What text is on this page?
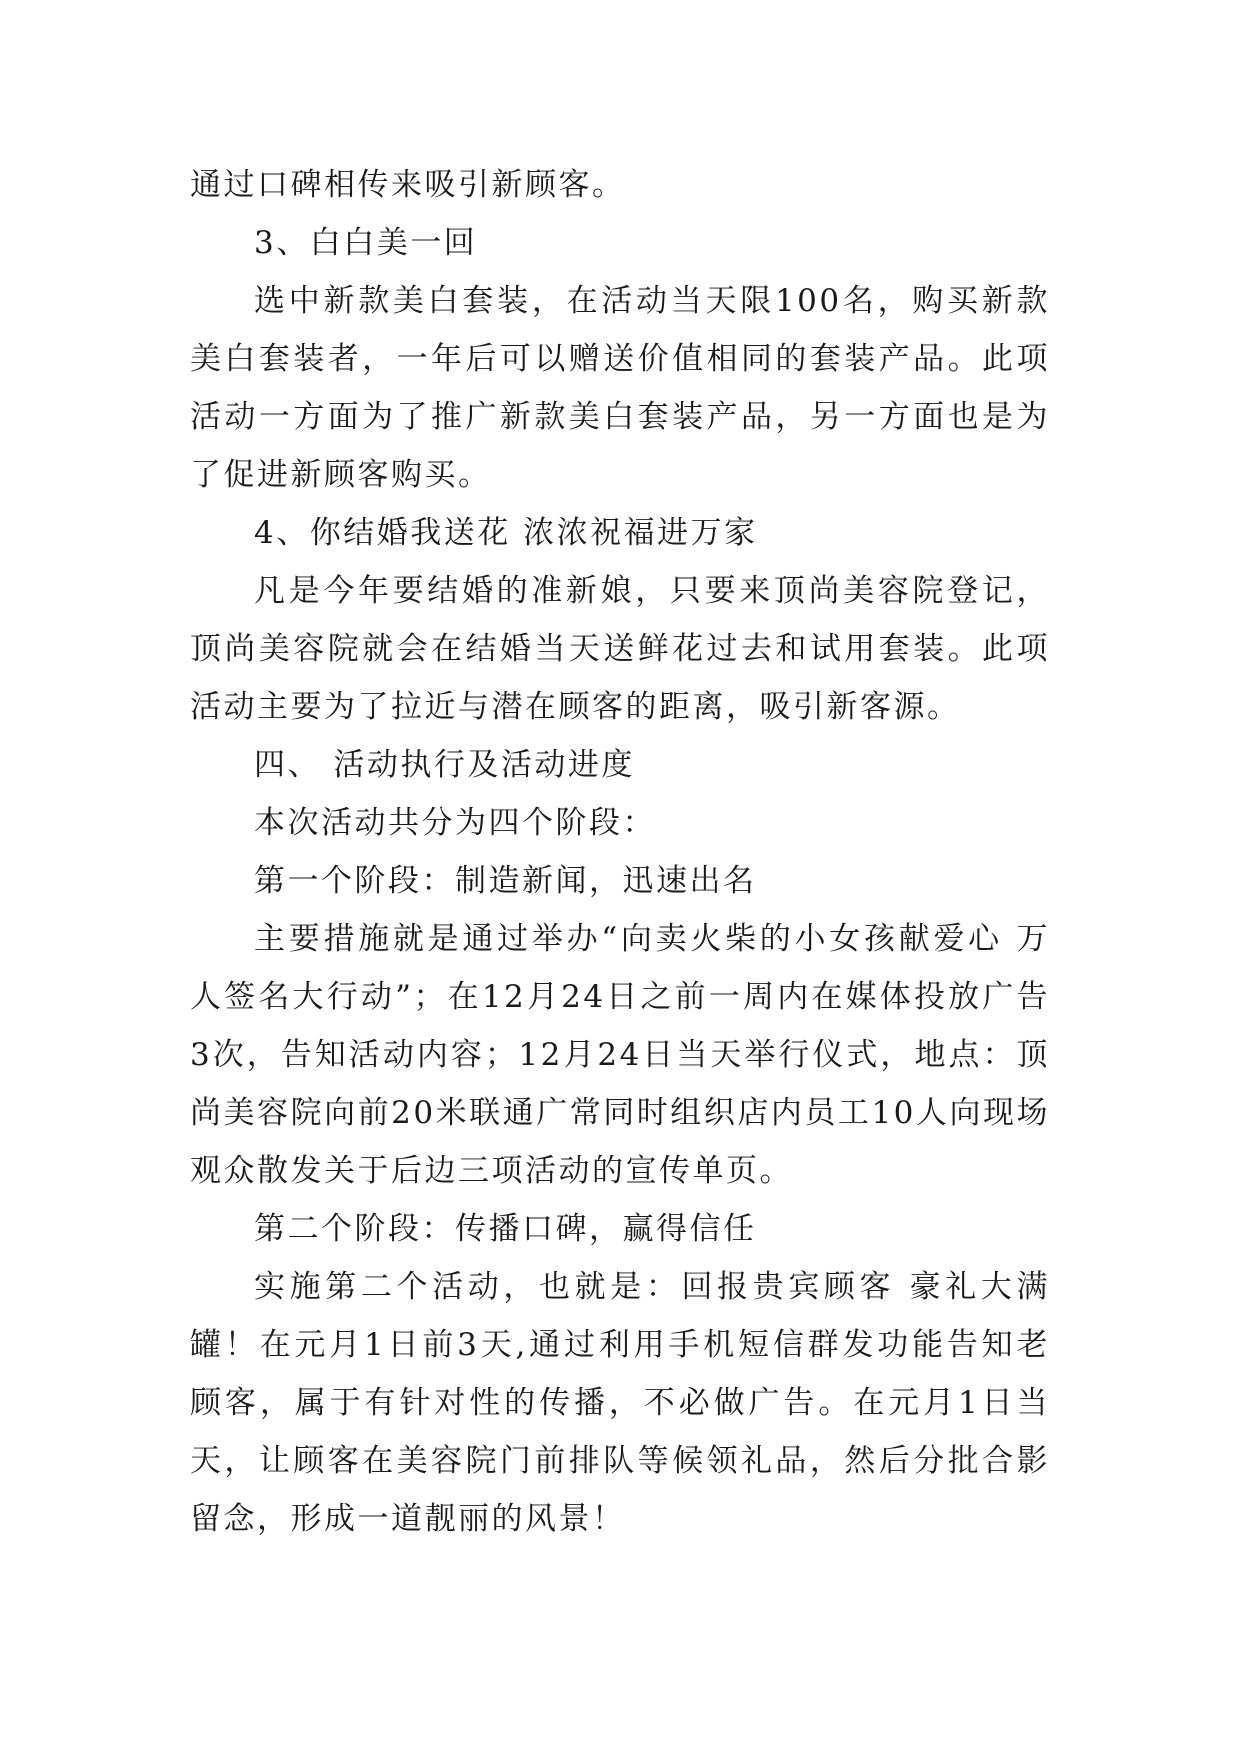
通过口碑相传来吸引新顾客。

3、白白美一回

选中新款美白套装，在活动当天限100名，购买新款美白套装者，一年后可以赠送价值相同的套装产品。此项活动一方面为了推广新款美白套装产品，另一方面也是为了促进新顾客购买。

4、你结婚我送花 浓浓祝福进万家

凡是今年要结婚的准新娘，只要来顶尚美容院登记，顶尚美容院就会在结婚当天送鲜花过去和试用套装。此项活动主要为了拉近与潜在顾客的距离，吸引新客源。

四、 活动执行及活动进度

本次活动共分为四个阶段：

第一个阶段：制造新闻，迅速出名

主要措施就是通过举办“向卖火柴的小女孩献爱心 万人签名大行动”；在12月24日之前一周内在媒体投放广告3次，告知活动内容；12月24日当天举行仪式，地点：顶尚美容院向前20米联通广常同时组织店内员工10人向现场观众散发关于后边三项活动的宣传单页。

第二个阶段：传播口碑，赢得信任

实施第二个活动，也就是：回报贵宾顾客 豪礼大满罐！在元月1日前3天,通过利用手机短信群发功能告知老顾客，属于有针对性的传播，不必做广告。在元月1日当天，让顾客在美容院门前排队等候领礼品，然后分批合影留念，形成一道靓丽的风景！
